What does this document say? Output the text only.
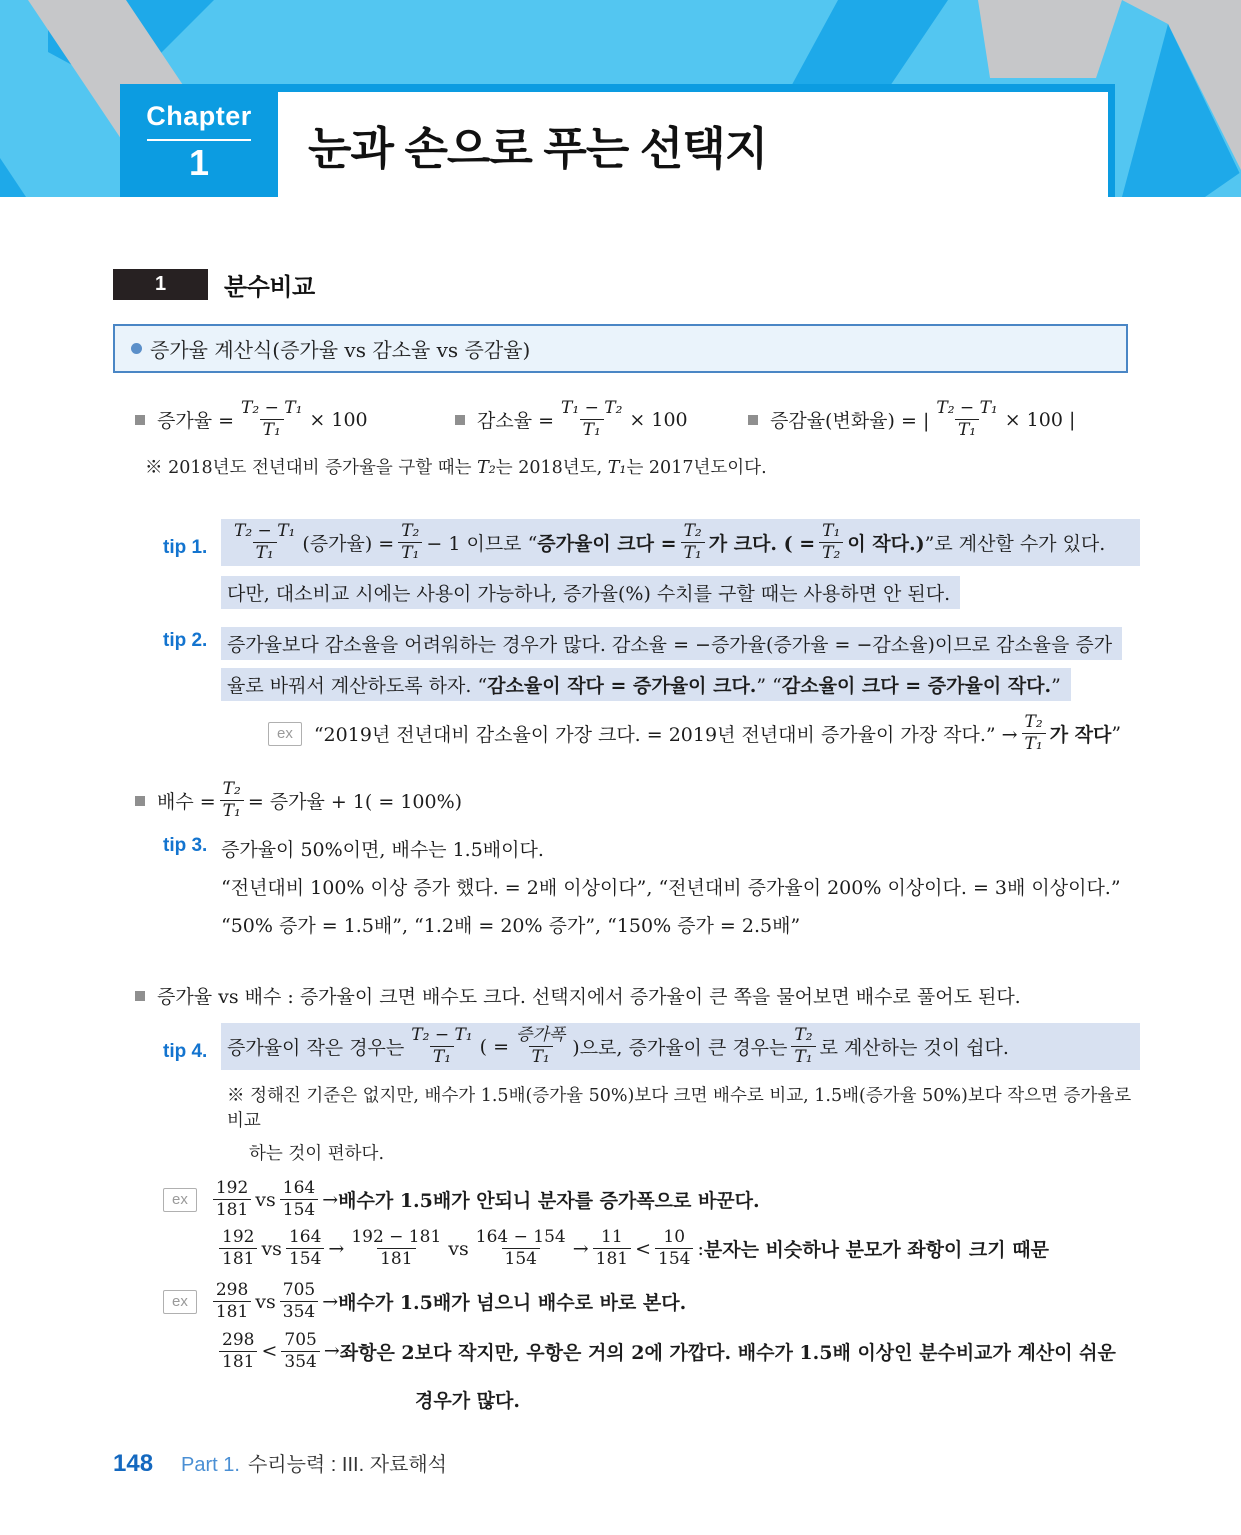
Chapter
1 눈과 손으로 푸는 선택지
1	분수비교
증가율 계산식(증가율 vs 감소율 vs 증감율)
증가율 = $\frac{\text{T₂ − T₁}}{\text{T₁}} \times 100$	감소율 = $\frac{\text{T₁ − T₂}}{\text{T₁}} \times 100$	증감율(변화율) = | $\frac{\text{T₂ − T₁}}{\text{T₁}} \times 100$ |
※ 2018년도 전년대비 증가율을 구할 때는 T₂는 2018년도, T₁는 2017년도이다.
tip 1.	$\frac{\text{T₂ − T₁}}{\text{T₁}}$ (증가율) = $\frac{\text{T₂}}{\text{T₁}} - 1$ 이므로 “ 증가율이 크다 = $\frac{\text{T₂}}{\text{T₁}}$ 가 크다. ( = $\frac{\text{T₁}}{\text{T₂}}$ 이 작다.) ”로 계산할 수가 있다.
다만, 대소비교 시에는 사용이 가능하나, 증가율(%) 수치를 구할 때는 사용하면 안 된다.
tip 2.	증가율보다 감소율을 어려워하는 경우가 많다. 감소율 = −증가율(증가율 = −감소율)이므로 감소율을 증가
율로 바꿔서 계산하도록 하자. “감소율이 작다 = 증가율이 크다.” “감소율이 크다 = 증가율이 작다.”
ex	“2019년 전년대비 감소율이 가장 크다. = 2019년 전년대비 증가율이 가장 작다.” → $\frac{\text{T₂}}{\text{T₁}}$ 가 작다 ”
배수 = $\frac{\text{T₂}}{\text{T₁}}$ = 증가율 + 1( = 100%)
tip 3. 증가율이 50%이면, 배수는 1.5배이다.
“전년대비 100% 이상 증가 했다. = 2배 이상이다”, “전년대비 증가율이 200% 이상이다. = 3배 이상이다.”
“50% 증가 = 1.5배”, “1.2배 = 20% 증가”, “150% 증가 = 2.5배”
증가율 vs 배수 : 증가율이 크면 배수도 크다. 선택지에서 증가율이 큰 쪽을 물어보면 배수로 풀어도 된다.
tip 4.	증가율이 작은 경우는 $\frac{\text{T₂ − T₁}}{\text{T₁}}$ ( = $\frac{\text{증가폭}}{\text{T₁}}$ )으로, 증가율이 큰 경우는 $\frac{\text{T₂}}{\text{T₁}}$ 로 계산하는 것이 쉽다.
※ 정해진 기준은 없지만, 배수가 1.5배(증가율 50%)보다 크면 배수로 비교, 1.5배(증가율 50%)보다 작으면 증가율로 비교
하는 것이 편하다.
ex	$\frac{192}{181}$ vs $\frac{164}{154}$ → 배수가 1.5배가 안되니 분자를 증가폭으로 바꾼다.
$\frac{192}{181}$ vs $\frac{164}{154} \to \frac{192 - 181}{181}$ vs $\frac{164 - 154}{154} \to \frac{11}{181} < \frac{10}{154}$ : 분자는 비슷하나 분모가 좌항이 크기 때문
ex	$\frac{298}{181}$ vs $\frac{705}{354}$ → 배수가 1.5배가 넘으니 배수로 바로 본다.
$\frac{298}{181} < \frac{705}{354}$ → 좌항은 2보다 작지만, 우항은 거의 2에 가깝다. 배수가 1.5배 이상인 분수비교가 계산이 쉬운
경우가 많다.
148 Part 1. 수리능력 : III. 자료해석
